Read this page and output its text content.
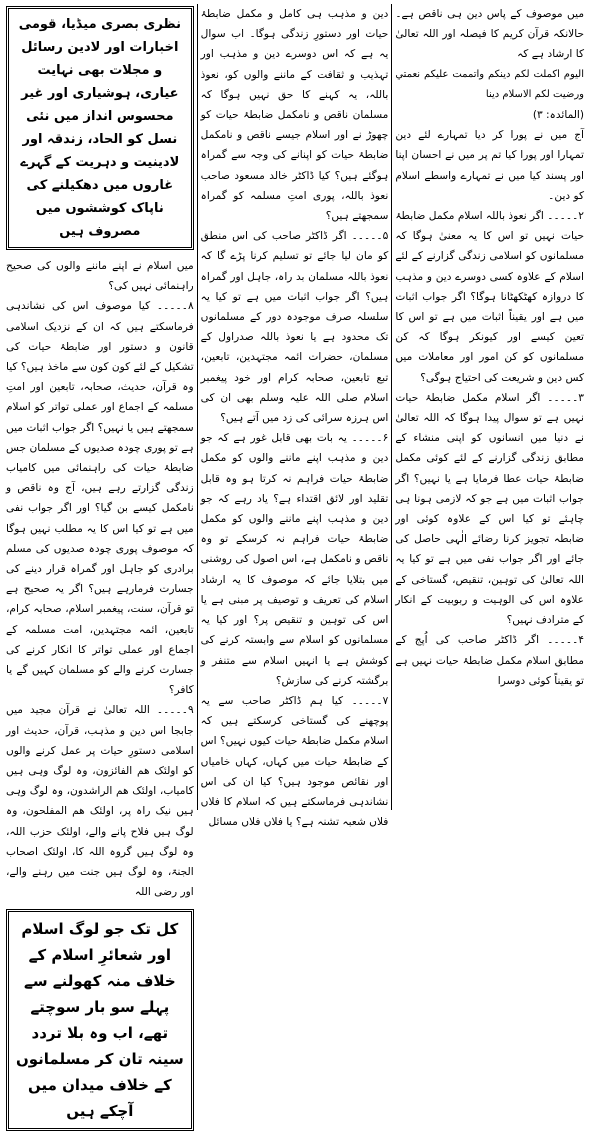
میں موصوف کے پاس دین ہی ناقص ہے۔ حالانکہ قرآن کریم کا فیصلہ اور اللہ تعالیٰ کا ارشاد ہے کہ

اليوم اكملت لكم دينكم واتممت عليكم نعمتي ورضيت لكم الاسلام دينا

(المائدہ: ۳)

آج میں نے پورا کر دیا تمہارے لئے دین تمہارا اور پورا کیا تم پر میں نے احسان اپنا اور پسند کیا میں نے تمہارے واسطے اسلام کو دین۔

۲۔۔۔۔۔ اگر نعوذ باللہ اسلام مکمل ضابطۂ حیات نہیں تو اس کا یہ معنیٰ ہوگا کہ مسلمانوں کو اسلامی زندگی گزارنے کے لئے اسلام کے علاوہ کسی دوسرے دین و مذہب کا دروازہ کھٹکھٹانا ہوگا؟ اگر جواب اثبات میں ہے اور یقیناً اثبات میں ہے تو اس کا تعین کیسے اور کیونکر ہوگا کہ کن مسلمانوں کو کن امور اور معاملات میں کس دین و شریعت کی احتیاج ہوگی؟

۳۔۔۔۔۔ اگر اسلام مکمل ضابطۂ حیات نہیں ہے تو سوال پیدا ہوگا کہ اللہ تعالیٰ نے دنیا میں انسانوں کو اپنی منشاء کے مطابق زندگی گزارنے کے لئے کوئی مکمل ضابطۂ حیات عطا فرمایا ہے یا نہیں؟ اگر جواب اثبات میں ہے جو کہ لازمی ہونا ہی چاہئے تو کیا اس کے علاوہ کوئی اور ضابطہ تجویز کرنا رضائے الٰہی حاصل کی جائے اور اگر جواب نفی میں ہے تو کیا یہ اللہ تعالیٰ کی توہین، تنقیص، گستاخی کے علاوہ اس کی الوہیت و ربوبیت کے انکار کے مترادف نہیں؟

۴۔۔۔۔۔ اگر ڈاکٹر صاحب کی اُپج کے مطابق اسلام مکمل ضابطۂ حیات نہیں ہے تو یقیناً کوئی دوسرا

دین و مذہب ہی کامل و مکمل ضابطۂ حیات اور دستورِ زندگی ہوگا۔ اب سوال یہ ہے کہ اس دوسرے دین و مذہب اور تہذیب و ثقافت کے ماننے والوں کو، نعوذ باللہ، یہ کہنے کا حق نہیں ہوگا کہ مسلمان ناقص و نامکمل ضابطۂ حیات کو چھوڑ نے اور اسلام جیسے ناقص و نامکمل ضابطۂ حیات کو اپنانے کی وجہ سے گمراہ ہوگئے ہیں؟ کیا ڈاکٹر خالد مسعود صاحب نعوذ باللہ، پوری امتِ مسلمہ کو گمراہ سمجھتے ہیں؟

۵۔۔۔۔۔ اگر ڈاکٹر صاحب کی اس منطق کو مان لیا جائے تو تسلیم کرنا پڑے گا کہ نعوذ باللہ مسلمان بد راہ، جاہل اور گمراہ ہیں؟ اگر جواب اثبات میں ہے تو کیا یہ سلسلہ صرف موجودہ دور کے مسلمانوں تک محدود ہے یا نعوذ باللہ صدراول کے مسلمان، حضرات ائمہ مجتہدین، تابعین، تبع تابعین، صحابہ کرام اور خود پیغمبر اسلام صلی اللہ علیہ وسلم بھی ان کی اس ہرزہ سرائی کی زد میں آتے ہیں؟

۶۔۔۔۔۔ یہ بات بھی قابل غور ہے کہ جو دین و مذہب اپنے ماننے والوں کو مکمل ضابطۂ حیات فراہم نہ کرتا ہو وہ قابل تقلید اور لائق اقتداء ہے؟ یاد رہے کہ جو دین و مذہب اپنے ماننے والوں کو مکمل ضابطۂ حیات فراہم نہ کرسکے تو وہ ناقص و نامکمل ہے، اس اصول کی روشنی میں بتلایا جائے کہ موصوف کا یہ ارشاد اسلام کی تعریف و توصیف پر مبنی ہے یا اس کی توہین و تنقیص پر؟ اور کیا یہ مسلمانوں کو اسلام سے وابستہ کرنے کی کوشش ہے یا انہیں اسلام سے متنفر و برگشتہ کرنے کی سازش؟

۷۔۔۔۔۔ کیا ہم ڈاکٹر صاحب سے یہ پوچھنے کی گستاخی کرسکتے ہیں کہ اسلام مکمل ضابطۂ حیات کیوں نہیں؟ اس کے ضابطۂ حیات میں کہاں، کہاں خامیاں اور نقائص موجود ہیں؟ کیا ان کی اس نشاندہی فرماسکتے ہیں کہ اسلام کا فلاں فلاں شعبہ تشنہ ہے؟ یا فلاں فلاں مسائل

نظری بصری میڈیا، قومی اخبارات اور لادین رسائل و مجلات بھی نہایت عیاری، ہوشیاری اور غیر محسوس انداز میں نئی نسل کو الحاد، زندقہ اور لادینیت و دہریت کے گہرے غاروں میں دھکیلنے کی ناپاک کوششوں میں مصروف ہیں

میں اسلام نے اپنے ماننے والوں کی صحیح راہنمائی نہیں کی؟

۸۔۔۔۔۔ کیا موصوف اس کی نشاندہی فرماسکتے ہیں کہ ان کے نزدیک اسلامی قانون و دستور اور ضابطۂ حیات کی تشکیل کے لئے کون کون سے ماخذ ہیں؟ کیا وہ قرآن، حدیث، صحابہ، تابعین اور امتِ مسلمہ کے اجماع اور عملی تواتر کو اسلام سمجھتے ہیں یا نہیں؟ اگر جواب اثبات میں ہے تو پوری چودہ صدیوں کے مسلمان جس ضابطۂ حیات کی راہنمائی میں کامیاب زندگی گزارتے رہے ہیں، آج وہ ناقص و نامکمل کیسے بن گیا؟ اور اگر جواب نفی میں ہے تو کیا اس کا یہ مطلب نہیں ہوگا کہ موصوف پوری چودہ صدیوں کی مسلم برادری کو جاہل اور گمراہ قرار دینے کی جسارت فرمارہے ہیں؟ اگر یہ صحیح ہے تو قرآن، سنت، پیغمبر اسلام، صحابہ کرام، تابعین، ائمہ مجتہدین، امت مسلمہ کے اجماع اور عملی تواتر کا انکار کرنے کی جسارت کرنے والے کو مسلمان کہیں گے یا کافر؟

۹۔۔۔۔۔ اللہ تعالیٰ نے قرآن مجید میں جابجا اس دین و مذہب، قرآن، حدیث اور اسلامی دستورِ حیات پر عمل کرنے والوں کو اولئک هم الفائزون، وہ لوگ وہی ہیں کامیاب، اولئک هم الراشدون، وہ لوگ وہی ہیں نیک راہ پر، اولئک هم المفلحون، وہ لوگ ہیں فلاح پانے والے، اولئک حزب اللہ، وہ لوگ ہیں گروہ اللہ کا، اولئک اصحاب الجنۃ، وہ لوگ ہیں جنت میں رہنے والے، اور رضی اللہ

کل تک جو لوگ اسلام اور شعائرِ اسلام کے خلاف منہ کھولنے سے پہلے سو بار سوچتے تھے، اب وہ بلا تردد سینہ تان کر مسلمانوں کے خلاف میدان میں آچکے ہیں
